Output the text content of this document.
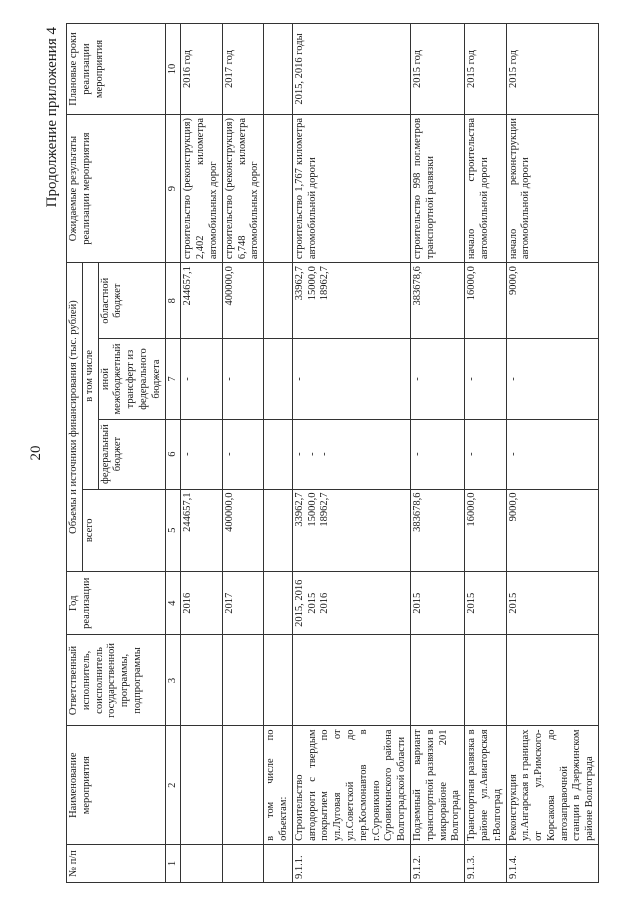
20
Продолжение приложения 4
№ п/п	Наименование мероприятия	Ответственный исполнитель, соисполнитель государственной программы, подпрограммы	Год реализации	Объемы и источники финансирования (тыс. рублей)				Ожидаемые результаты реализации мероприятия	Плановые сроки реализации мероприятия
				всего	в том числе				
					федеральный бюджет	иной межбюджетный трансферт из федерального бюджета	областной бюджет		
1	2	3	4	5	6	7	8	9	10

			2016	244657,1	-	-	244657,1	строительство (реконструкция) 2,402 километра автомобильных дорог	2016 год

			2017	400000,0	-	-	400000,0	строительство (реконструкция) 6,748 километра автомобильных дорог	2017 год
	в том числе по объектам:								
9.1.1.	Строительство автодороги с твердым покрытием по ул.Луговая от ул.Советской до пер.Космонавтов в г.Суровикино Суровикинского района Волгоградской области		2015, 2016 2015 2016	33962,7 15000,0 18962,7	- - -	-	33962,7 15000,0 18962,7	строительство 1,767 километра автомобильной дороги	2015, 2016 годы
9.1.2.	Подземный вариант транспортной развязки в микрорайоне 201 Волгограда		2015	383678,6	-	-	383678,6	строительство 998 пог.метров транспортной развязки	2015 год
9.1.3.	Транспортная развязка в районе ул.Авиаторская г.Волгоград		2015	16000,0	-	-	16000,0	начало строительства автомобильной дороги	2015 год
9.1.4.	Реконструкция ул.Ангарская в границах от ул.Римского-Корсакова до автозаправочной станции в Дзержинском районе Волгограда		2015	9000,0	-	-	9000,0	начало реконструкции автомобильной дороги	2015 год
